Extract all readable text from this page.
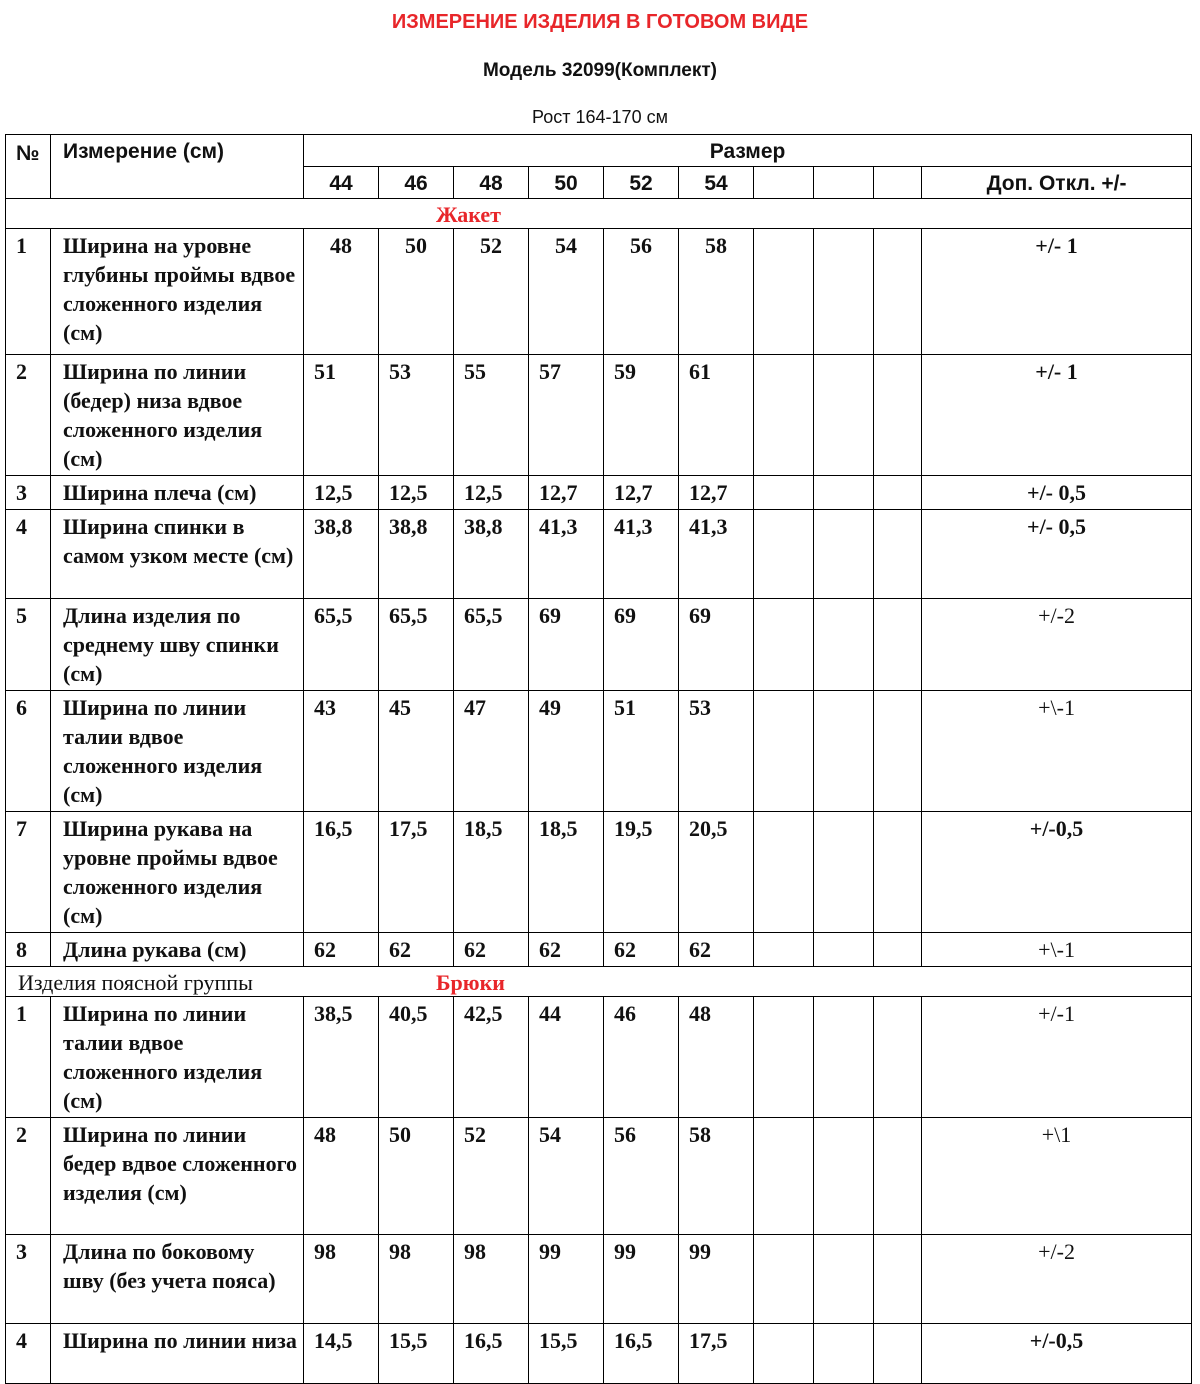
ИЗМЕРЕНИЕ ИЗДЕЛИЯ В ГОТОВОМ ВИДЕ
Модель 32099(Комплект)
Рост 164-170 см
№	Измерение (см)	Размер									
		44	46	48	50	52	54				Доп. Откл. +/-

Жакет											

1	Ширина на уровне глубины проймы вдвое сложенного изделия (см)	48	50	52	54	56	58				+/- 1
2	Ширина по линии (бедер) низа вдвое сложенного изделия (см)	51	53	55	57	59	61				+/- 1
3	Ширина плеча (см)	12,5	12,5	12,5	12,7	12,7	12,7				+/- 0,5
4	Ширина спинки в самом узком месте (см)	38,8	38,8	38,8	41,3	41,3	41,3				+/- 0,5
5	Длина изделия по среднему шву спинки (см)	65,5	65,5	65,5	69	69	69				+/-2
6	Ширина по линии талии вдвое сложенного изделия (см)	43	45	47	49	51	53				+\-1
7	Ширина рукава на уровне проймы вдвое сложенного изделия (см)	16,5	17,5	18,5	18,5	19,5	20,5				+/-0,5
8	Длина рукава (см)	62	62	62	62	62	62				+\-1

Изделия поясной группы Брюки											

1	Ширина по линии талии вдвое сложенного изделия (см)	38,5	40,5	42,5	44	46	48				+/-1
2	Ширина по линии бедер вдвое сложенного изделия (см)	48	50	52	54	56	58				+\1
3	Длина по боковому шву (без учета пояса)	98	98	98	99	99	99				+/-2
4	Ширина по линии низа	14,5	15,5	16,5	15,5	16,5	17,5				+/-0,5
